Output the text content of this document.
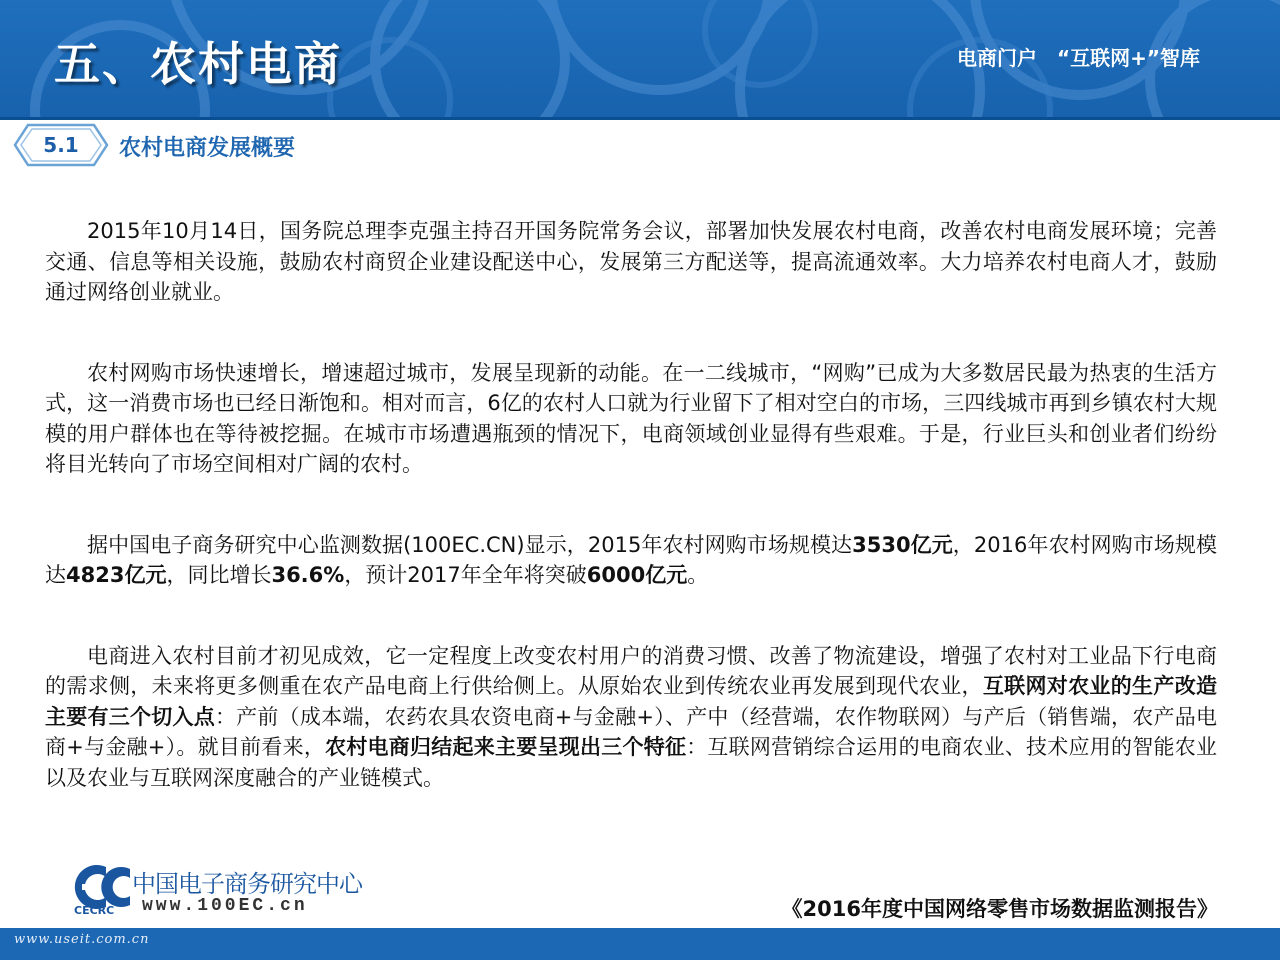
五、农村电商	电商门户 “互联网+”智库
5.1	农村电商发展概要

2015年10月14日，国务院总理李克强主持召开国务院常务会议，部署加快发展农村电商，改善农村电商发展环境；完善交通、信息等相关设施，鼓励农村商贸企业建设配送中心，发展第三方配送等，提高流通效率。大力培养农村电商人才，鼓励通过网络创业就业。

农村网购市场快速增长，增速超过城市，发展呈现新的动能。在一二线城市，“网购”已成为大多数居民最为热衷的生活方式，这一消费市场也已经日渐饱和。相对而言，6亿的农村人口就为行业留下了相对空白的市场，三四线城市再到乡镇农村大规模的用户群体也在等待被挖掘。在城市市场遭遇瓶颈的情况下，电商领域创业显得有些艰难。于是，行业巨头和创业者们纷纷将目光转向了市场空间相对广阔的农村。

据中国电子商务研究中心监测数据(100EC.CN)显示，2015年农村网购市场规模达3530亿元，2016年农村网购市场规模达4823亿元，同比增长36.6%，预计2017年全年将突破6000亿元。

电商进入农村目前才初见成效，它一定程度上改变农村用户的消费习惯、改善了物流建设，增强了农村对工业品下行电商的需求侧，未来将更多侧重在农产品电商上行供给侧上。从原始农业到传统农业再发展到现代农业，互联网对农业的生产改造主要有三个切入点：产前（成本端，农药农具农资电商+与金融+）、产中（经营端，农作物联网）与产后（销售端，农产品电商+与金融+）。就目前看来，农村电商归结起来主要呈现出三个特征：互联网营销综合运用的电商农业、技术应用的智能农业以及农业与互联网深度融合的产业链模式。

中国电子商务研究中心
www.100EC.cn
CECRC	《2016年度中国网络零售市场数据监测报告》
www.useit.com.cn
